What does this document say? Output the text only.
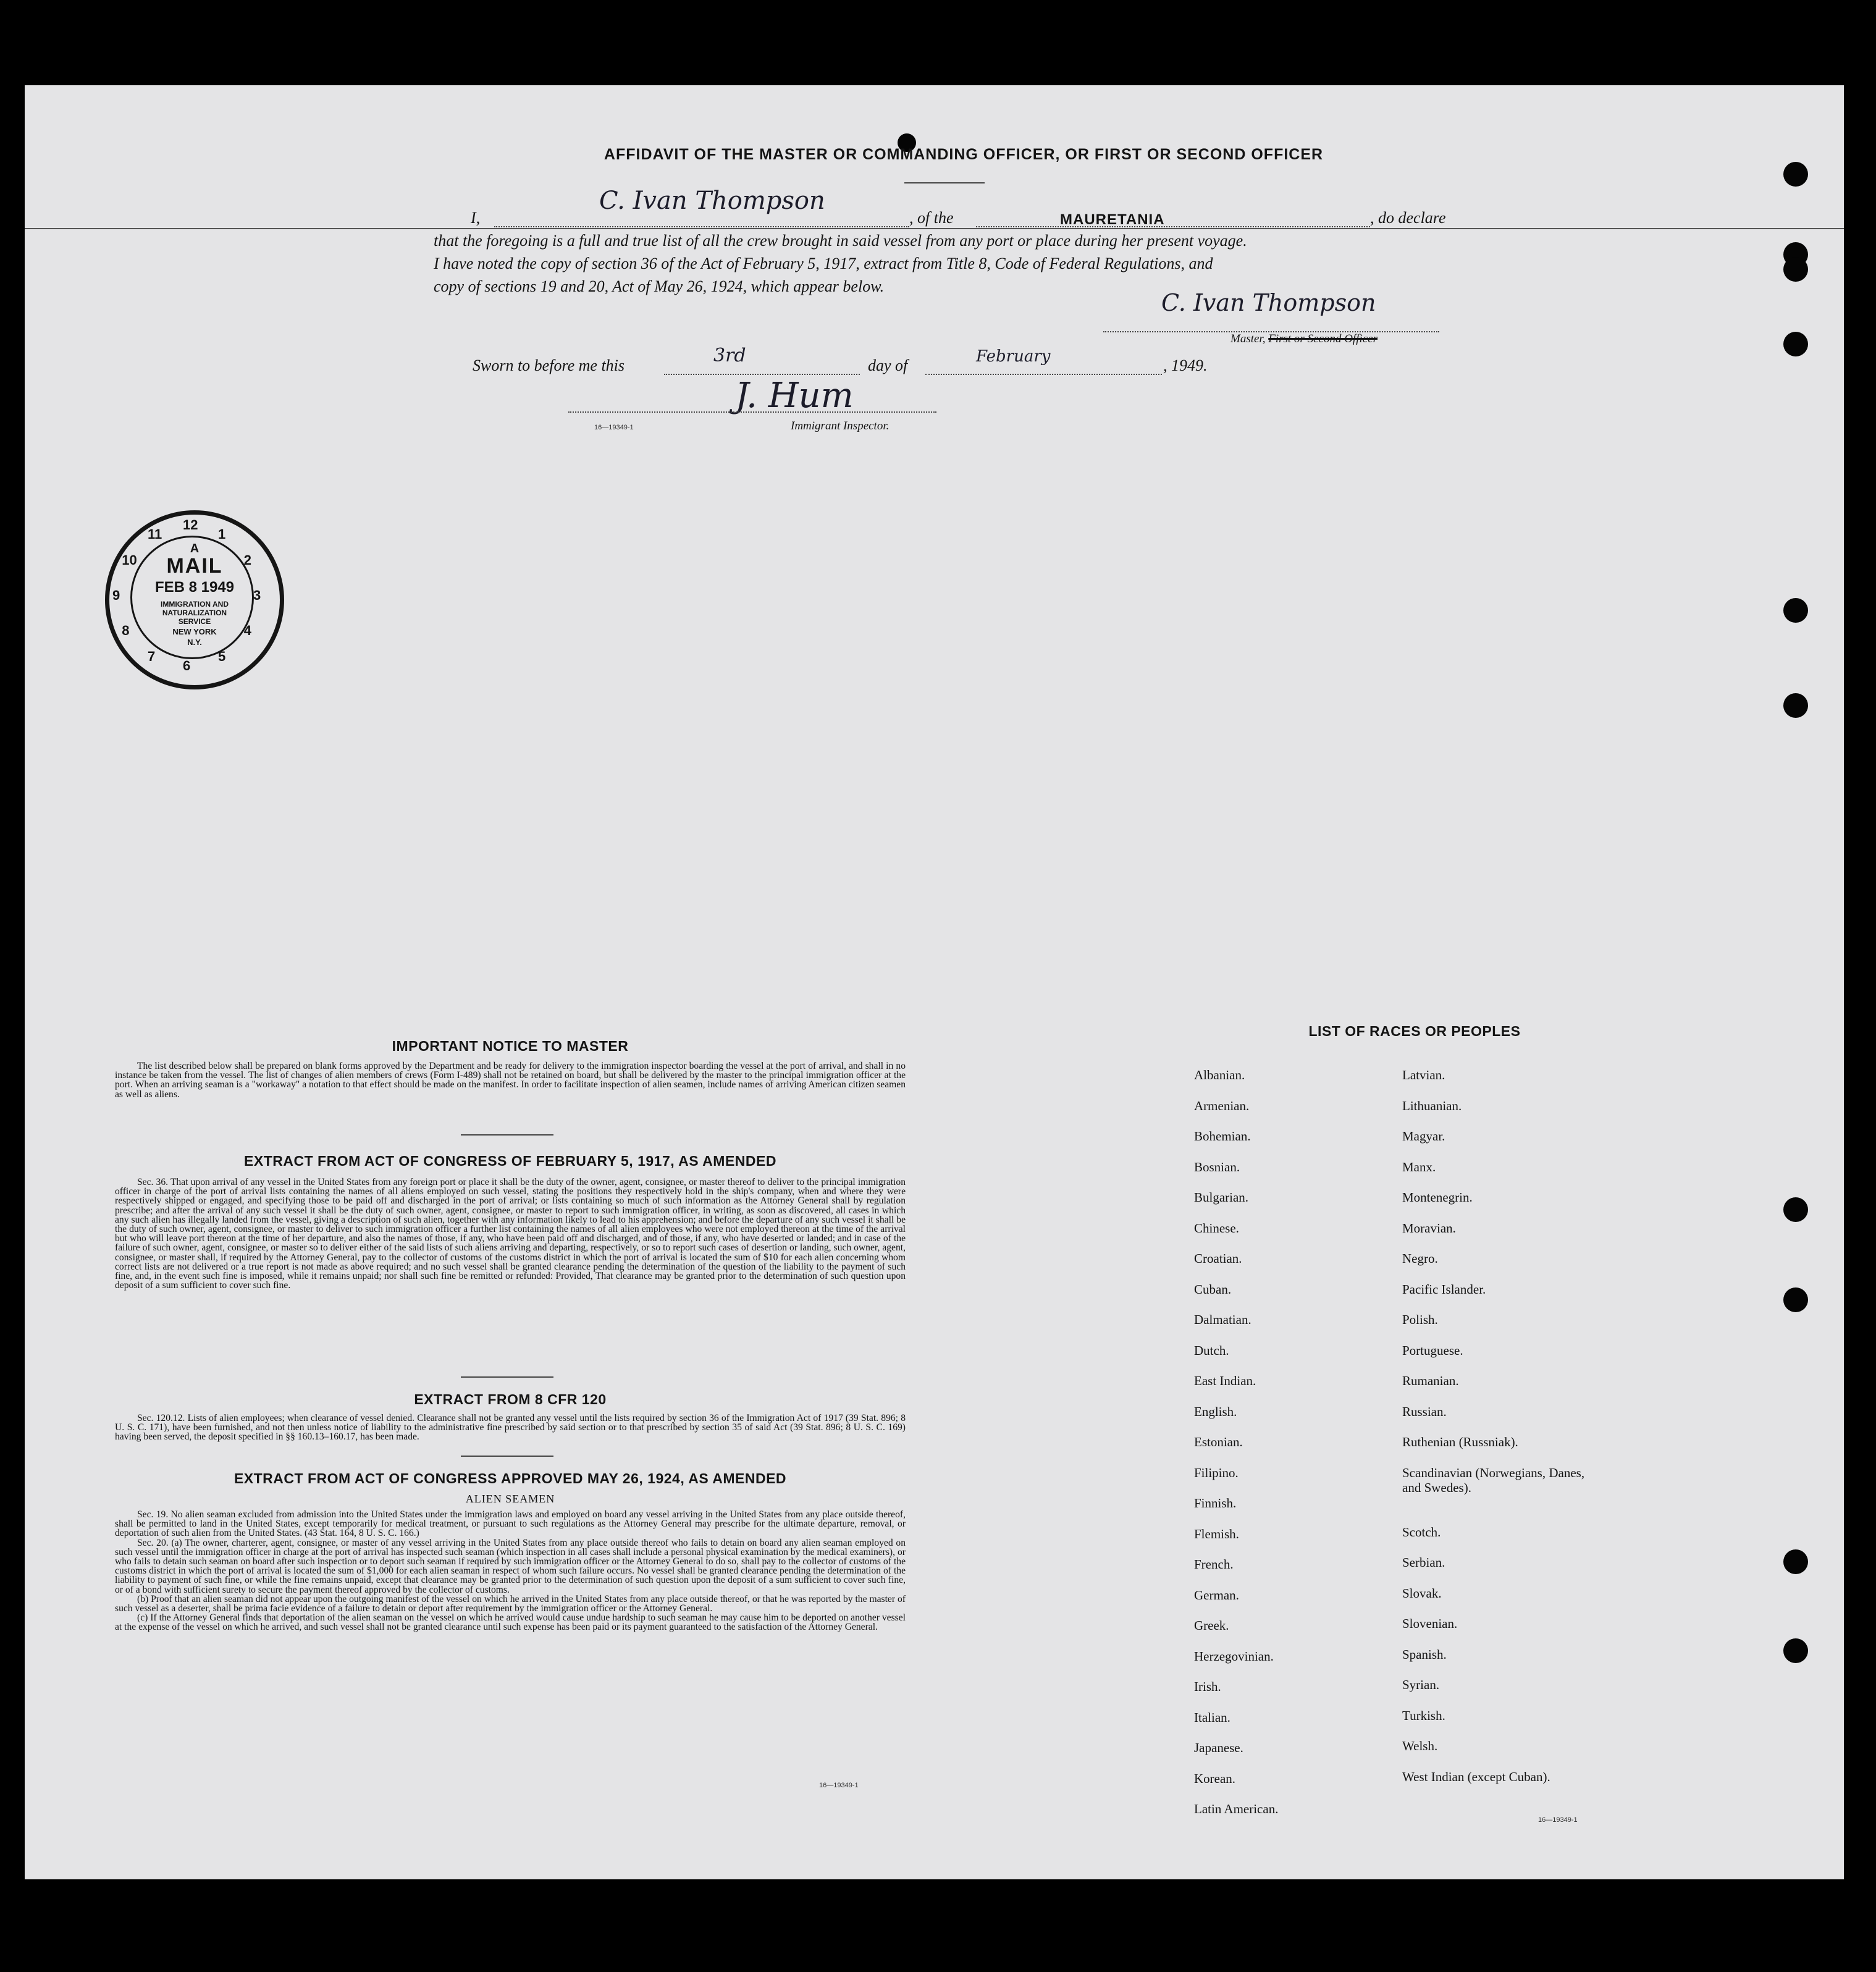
AFFIDAVIT OF THE MASTER OR COMMANDING OFFICER, OR FIRST OR SECOND OFFICER
I,
C. Ivan Thompson
, of the	MAURETANIA	, do declare
that the foregoing is a full and true list of all the crew brought in said vessel from any port or place during her present voyage.
I have noted the copy of section 36 of the Act of February 5, 1917, extract from Title 8, Code of Federal Regulations, and
copy of sections 19 and 20, Act of May 26, 1924, which appear below.
C. Ivan Thompson
Master, First or Second Officer
Sworn to before me this	3rd	day of	February	, 1949.
J. Hum
Immigrant Inspector.
16—19349-1
12
1
2
3
4
5
6
7
8
9
10
11
A
MAIL
FEB 8 1949
IMMIGRATION AND
NATURALIZATION
SERVICE
NEW YORK
N.Y.
IMPORTANT NOTICE TO MASTER

The list described below shall be prepared on blank forms approved by the Department and be ready for delivery to the immigration inspector boarding the vessel at the port of arrival, and shall in no instance be taken from the vessel. The list of changes of alien members of crews (Form I-489) shall not be retained on board, but shall be delivered by the master to the principal immigration officer at the port. When an arriving seaman is a "workaway" a notation to that effect should be made on the manifest. In order to facilitate inspection of alien seamen, include names of arriving American citizen seamen as well as aliens.

EXTRACT FROM ACT OF CONGRESS OF FEBRUARY 5, 1917, AS AMENDED

Sec. 36. That upon arrival of any vessel in the United States from any foreign port or place it shall be the duty of the owner, agent, consignee, or master thereof to deliver to the principal immigration officer in charge of the port of arrival lists containing the names of all aliens employed on such vessel, stating the positions they respectively hold in the ship's company, when and where they were respectively shipped or engaged, and specifying those to be paid off and discharged in the port of arrival; or lists containing so much of such information as the Attorney General shall by regulation prescribe; and after the arrival of any such vessel it shall be the duty of such owner, agent, consignee, or master to report to such immigration officer, in writing, as soon as discovered, all cases in which any such alien has illegally landed from the vessel, giving a description of such alien, together with any information likely to lead to his apprehension; and before the departure of any such vessel it shall be the duty of such owner, agent, consignee, or master to deliver to such immigration officer a further list containing the names of all alien employees who were not employed thereon at the time of the arrival but who will leave port thereon at the time of her departure, and also the names of those, if any, who have been paid off and discharged, and of those, if any, who have deserted or landed; and in case of the failure of such owner, agent, consignee, or master so to deliver either of the said lists of such aliens arriving and departing, respectively, or so to report such cases of desertion or landing, such owner, agent, consignee, or master shall, if required by the Attorney General, pay to the collector of customs of the customs district in which the port of arrival is located the sum of $10 for each alien concerning whom correct lists are not delivered or a true report is not made as above required; and no such vessel shall be granted clearance pending the determination of the question of the liability to the payment of such fine, and, in the event such fine is imposed, while it remains unpaid; nor shall such fine be remitted or refunded: Provided, That clearance may be granted prior to the determination of such question upon deposit of a sum sufficient to cover such fine.

EXTRACT FROM 8 CFR 120

Sec. 120.12. Lists of alien employees; when clearance of vessel denied. Clearance shall not be granted any vessel until the lists required by section 36 of the Immigration Act of 1917 (39 Stat. 896; 8 U. S. C. 171), have been furnished, and not then unless notice of liability to the administrative fine prescribed by said section or to that prescribed by section 35 of said Act (39 Stat. 896; 8 U. S. C. 169) having been served, the deposit specified in §§ 160.13–160.17, has been made.

EXTRACT FROM ACT OF CONGRESS APPROVED MAY 26, 1924, AS AMENDED
ALIEN SEAMEN

Sec. 19. No alien seaman excluded from admission into the United States under the immigration laws and employed on board any vessel arriving in the United States from any place outside thereof, shall be permitted to land in the United States, except temporarily for medical treatment, or pursuant to such regulations as the Attorney General may prescribe for the ultimate departure, removal, or deportation of such alien from the United States. (43 Stat. 164, 8 U. S. C. 166.)

Sec. 20. (a) The owner, charterer, agent, consignee, or master of any vessel arriving in the United States from any place outside thereof who fails to detain on board any alien seaman employed on such vessel until the immigration officer in charge at the port of arrival has inspected such seaman (which inspection in all cases shall include a personal physical examination by the medical examiners), or who fails to detain such seaman on board after such inspection or to deport such seaman if required by such immigration officer or the Attorney General to do so, shall pay to the collector of customs of the customs district in which the port of arrival is located the sum of $1,000 for each alien seaman in respect of whom such failure occurs. No vessel shall be granted clearance pending the determination of the liability to payment of such fine, or while the fine remains unpaid, except that clearance may be granted prior to the determination of such question upon the deposit of a sum sufficient to cover such fine, or of a bond with sufficient surety to secure the payment thereof approved by the collector of customs.

(b) Proof that an alien seaman did not appear upon the outgoing manifest of the vessel on which he arrived in the United States from any place outside thereof, or that he was reported by the master of such vessel as a deserter, shall be prima facie evidence of a failure to detain or deport after requirement by the immigration officer or the Attorney General.

(c) If the Attorney General finds that deportation of the alien seaman on the vessel on which he arrived would cause undue hardship to such seaman he may cause him to be deported on another vessel at the expense of the vessel on which he arrived, and such vessel shall not be granted clearance until such expense has been paid or its payment guaranteed to the satisfaction of the Attorney General.

16—19349-1
LIST OF RACES OR PEOPLES
Albanian.
Armenian.
Bohemian.
Bosnian.
Bulgarian.
Chinese.
Croatian.
Cuban.
Dalmatian.
Dutch.
East Indian.
English.
Estonian.
Filipino.
Finnish.
Flemish.
French.
German.
Greek.
Herzegovinian.
Irish.
Italian.
Japanese.
Korean.
Latin American.
Latvian.
Lithuanian.
Magyar.
Manx.
Montenegrin.
Moravian.
Negro.
Pacific Islander.
Polish.
Portuguese.
Rumanian.
Russian.
Ruthenian (Russniak).
Scandinavian (Norwegians, Danes, and Swedes).
Scotch.
Serbian.
Slovak.
Slovenian.
Spanish.
Syrian.
Turkish.
Welsh.
West Indian (except Cuban).
16—19349-1
